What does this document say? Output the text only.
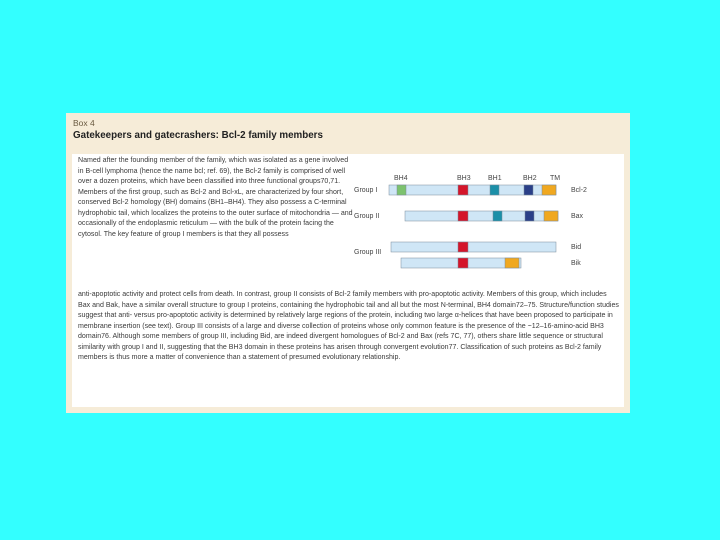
Box 4
Gatekeepers and gatecrashers: Bcl-2 family members

Named after the founding member of the family, which was isolated as a gene involved in B-cell lymphoma (hence the name bcl; ref. 69), the Bcl-2 family is comprised of well over a dozen proteins, which have been classified into three functional groups70,71. Members of the first group, such as Bcl-2 and Bcl-xL, are characterized by four short, conserved Bcl-2 homology (BH) domains (BH1–BH4). They also possess a C-terminal hydrophobic tail, which localizes the proteins to the outer surface of mitochondria — and occasionally of the endoplasmic reticulum — with the bulk of the protein facing the cytosol. The key feature of group I members is that they all possess

BH4	BH3 BH1	BH2 TM
Group I	Bcl-2
Group II	Bax
Group III
Bid
Bik

anti-apoptotic activity and protect cells from death. In contrast, group II consists of Bcl-2 family members with pro-apoptotic activity. Members of this group, which includes Bax and Bak, have a similar overall structure to group I proteins, containing the hydrophobic tail and all but the most N-terminal, BH4 domain72–75. Structure/function studies suggest that anti- versus pro-apoptotic activity is determined by relatively large regions of the protein, including two large α-helices that have been proposed to participate in membrane insertion (see text). Group III consists of a large and diverse collection of proteins whose only common feature is the presence of the ~12–16-amino-acid BH3 domain76. Although some members of group III, including Bid, are indeed divergent homologues of Bcl-2 and Bax (refs 7C, 77), others share little sequence or structural similarity with group I and II, suggesting that the BH3 domain in these proteins has arisen through convergent evolution77. Classification of such proteins as Bcl-2 family members is thus more a matter of convenience than a statement of presumed evolutionary relationship.
